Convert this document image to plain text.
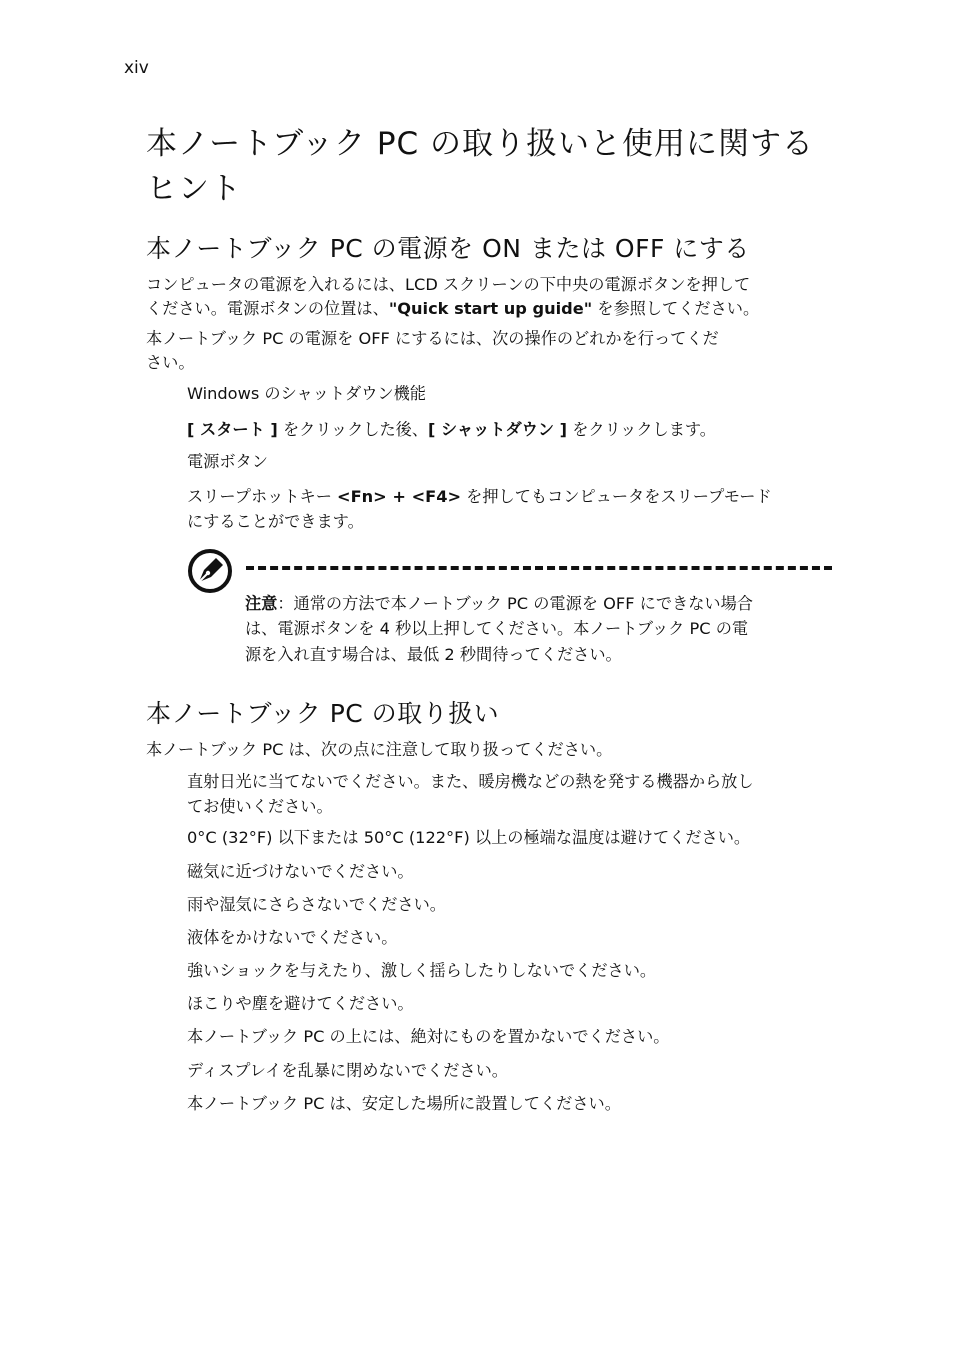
xiv
本ノートブック PC の取り扱いと使用に関する
ヒント
本ノートブック PC の電源を ON または OFF にする
コンピュータの電源を入れるには、LCD スクリーンの下中央の電源ボタンを押して
ください。電源ボタンの位置は、"Quick start up guide" を参照してください。
本ノートブック PC の電源を OFF にするには、次の操作のどれかを行ってくだ
さい。
Windows のシャットダウン機能
[ スタート ] をクリックした後、[ シャットダウン ] をクリックします。
電源ボタン
スリープホットキー <Fn> + <F4> を押してもコンピュータをスリープモード
にすることができます。
注意：通常の方法で本ノートブック PC の電源を OFF にできない場合
は、電源ボタンを 4 秒以上押してください。本ノートブック PC の電
源を入れ直す場合は、最低 2 秒間待ってください。
本ノートブック PC の取り扱い
本ノートブック PC は、次の点に注意して取り扱ってください。
直射日光に当てないでください。また、暖房機などの熱を発する機器から放し
てお使いください。
0°C (32°F) 以下または 50°C (122°F) 以上の極端な温度は避けてください。
磁気に近づけないでください。
雨や湿気にさらさないでください。
液体をかけないでください。
強いショックを与えたり、激しく揺らしたりしないでください。
ほこりや塵を避けてください。
本ノートブック PC の上には、絶対にものを置かないでください。
ディスプレイを乱暴に閉めないでください。
本ノートブック PC は、安定した場所に設置してください。
